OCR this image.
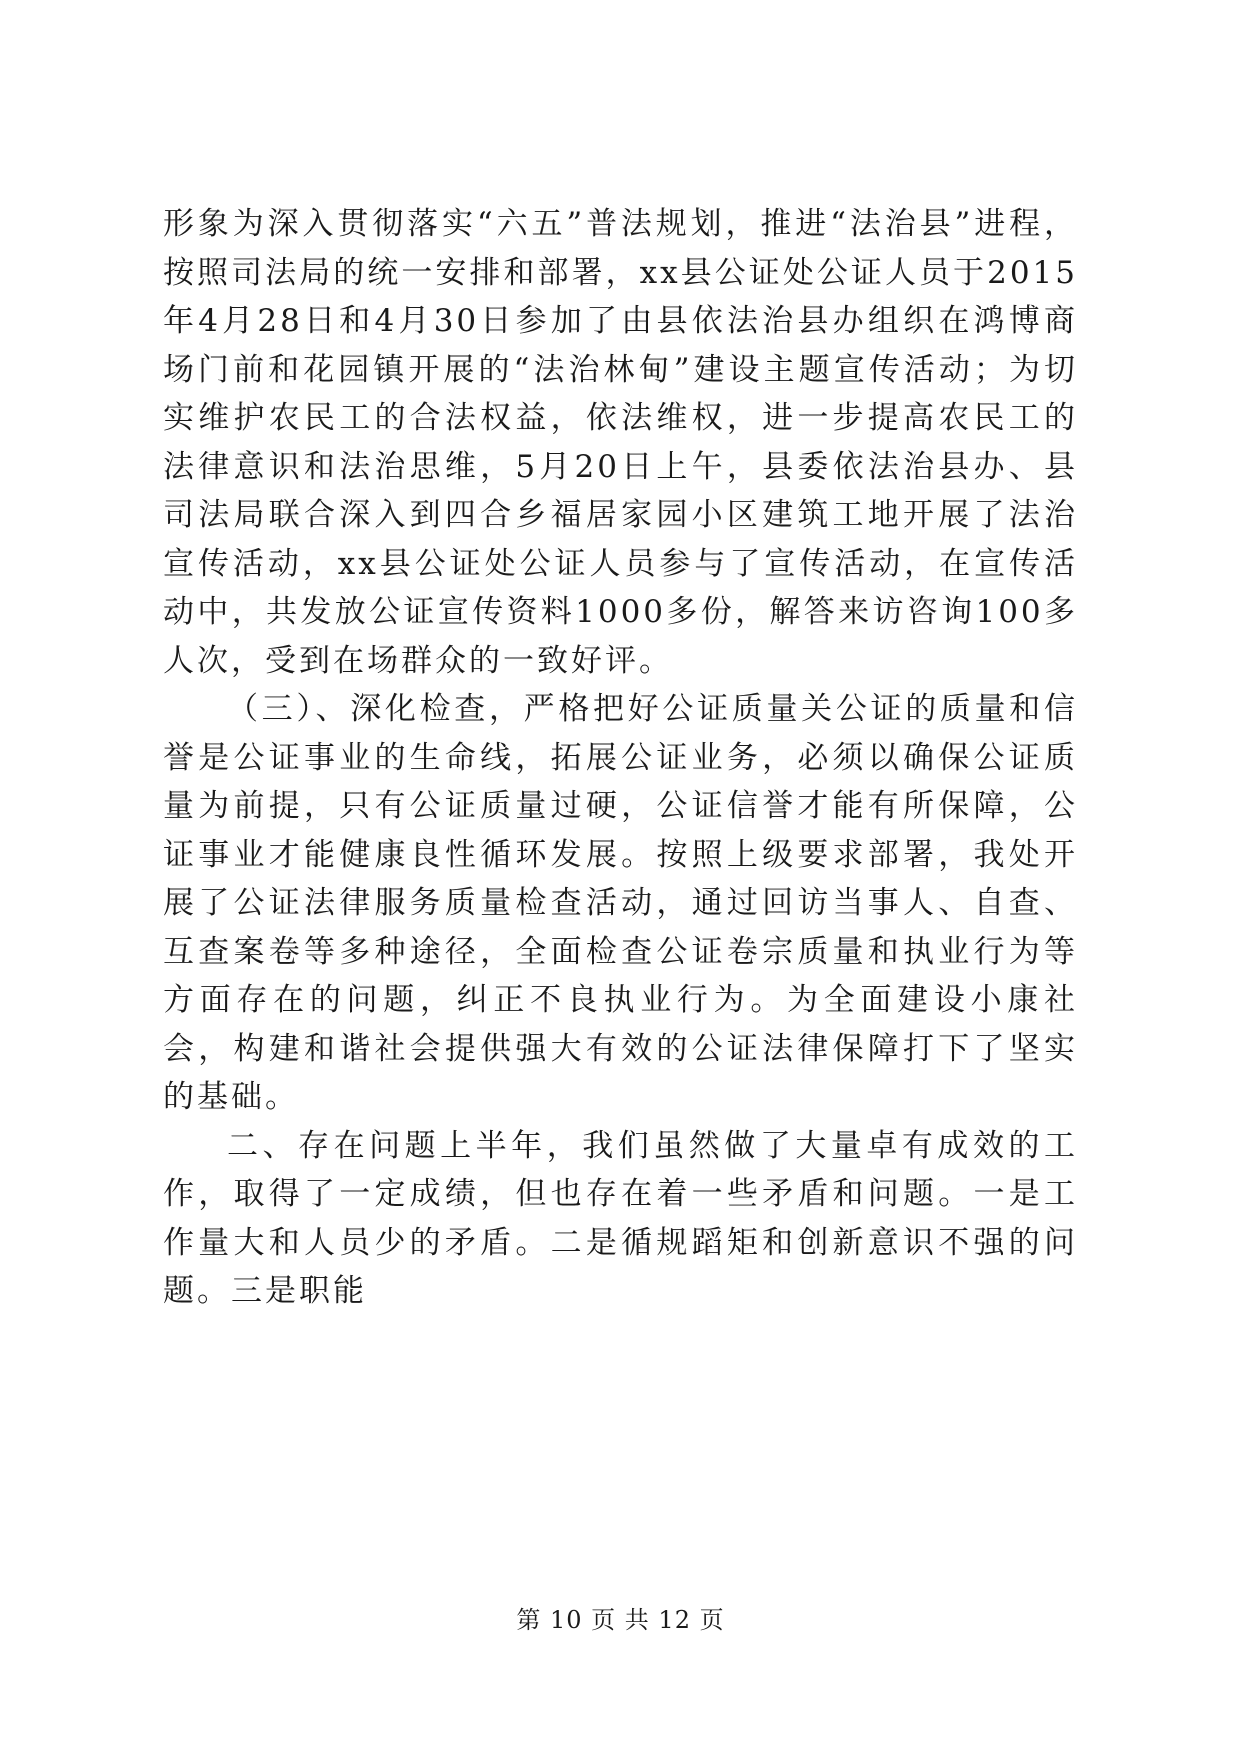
形象为深入贯彻落实“六五”普法规划，推进“法治县”进程，按照司法局的统一安排和部署，xx县公证处公证人员于2015年4月28日和4月30日参加了由县依法治县办组织在鸿博商场门前和花园镇开展的“法治林甸”建设主题宣传活动；为切实维护农民工的合法权益，依法维权，进一步提高农民工的法律意识和法治思维，5月20日上午，县委依法治县办、县司法局联合深入到四合乡福居家园小区建筑工地开展了法治宣传活动，xx县公证处公证人员参与了宣传活动，在宣传活动中，共发放公证宣传资料1000多份，解答来访咨询100多人次，受到在场群众的一致好评。

（三）、深化检查，严格把好公证质量关公证的质量和信誉是公证事业的生命线，拓展公证业务，必须以确保公证质量为前提，只有公证质量过硬，公证信誉才能有所保障，公证事业才能健康良性循环发展。按照上级要求部署，我处开展了公证法律服务质量检查活动，通过回访当事人、自查、互查案卷等多种途径，全面检查公证卷宗质量和执业行为等方面存在的问题，纠正不良执业行为。为全面建设小康社会，构建和谐社会提供强大有效的公证法律保障打下了坚实的基础。

二、存在问题上半年，我们虽然做了大量卓有成效的工作，取得了一定成绩，但也存在着一些矛盾和问题。一是工作量大和人员少的矛盾。二是循规蹈矩和创新意识不强的问题。三是职能

第 10 页 共 12 页
